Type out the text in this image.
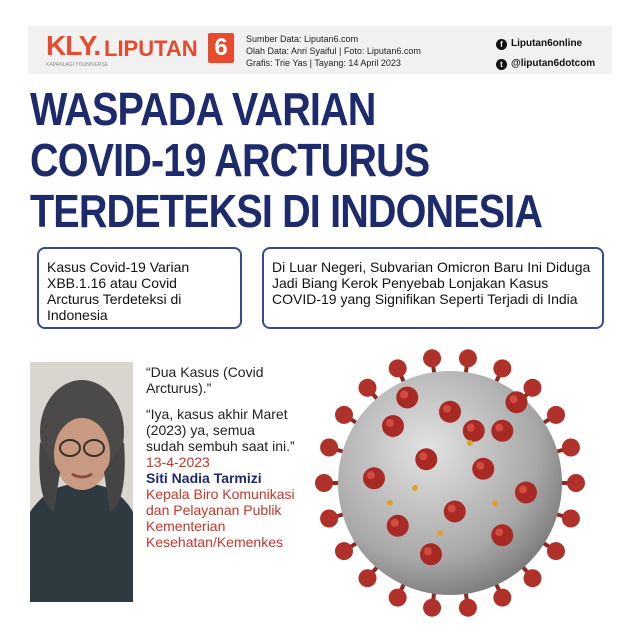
KLY.
KAPANLAGI YOUNIVERSE
LIPUTAN 6	Sumber Data: Liputan6.com
Olah Data: Anri Syaiful | Foto: Liputan6.com
Grafis: Trie Yas | Tayang: 14 April 2023
f Liputan6online
t @liputan6dotcom
WASPADA VARIAN
COVID-19 ARCTURUS
TERDETEKSI DI INDONESIA
Kasus Covid-19 Varian XBB.1.16 atau Covid Arcturus Terdeteksi di Indonesia
Di Luar Negeri, Subvarian Omicron Baru Ini Diduga Jadi Biang Kerok Penyebab Lonjakan Kasus COVID-19 yang Signifikan Seperti Terjadi di India

“Dua Kasus (Covid Arcturus).”

“Iya, kasus akhir Maret (2023) ya, semua sudah sembuh saat ini.”

13-4-2023
Siti Nadia Tarmizi
Kepala Biro Komunikasi dan Pelayanan Publik Kementerian Kesehatan/Kemenkes
